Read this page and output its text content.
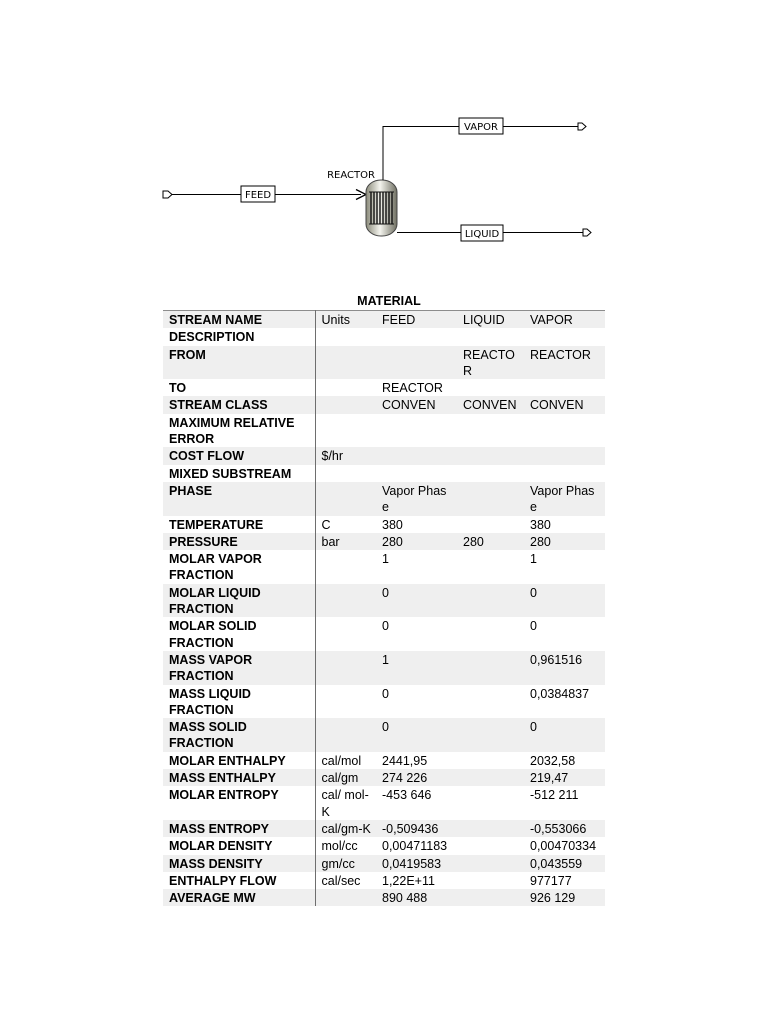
FEED
REACTOR
VAPOR
LIQUID
MATERIAL
STREAM NAME	Units	FEED	LIQUID	VAPOR
DESCRIPTION				
FROM			REACTOR	REACTOR
TO		REACTOR		
STREAM CLASS		CONVEN	CONVEN	CONVEN
MAXIMUM RELATIVE ERROR				
COST FLOW	$/hr			
MIXED SUBSTREAM				
PHASE		Vapor Phase		Vapor Phase
TEMPERATURE	C	380		380
PRESSURE	bar	280	280	280
MOLAR VAPOR FRACTION		1		1
MOLAR LIQUID FRACTION		0		0
MOLAR SOLID FRACTION		0		0
MASS VAPOR FRACTION		1		0,961516
MASS LIQUID FRACTION		0		0,0384837
MASS SOLID FRACTION		0		0
MOLAR ENTHALPY	cal/mol	2441,95		2032,58
MASS ENTHALPY	cal/gm	274 226		219,47
MOLAR ENTROPY	cal/ mol-K	-453 646		-512 211
MASS ENTROPY	cal/gm-K	-0,509436		-0,553066
MOLAR DENSITY	mol/cc	0,00471183		0,00470334
MASS DENSITY	gm/cc	0,0419583		0,043559
ENTHALPY FLOW	cal/sec	1,22E+11		977177
AVERAGE MW		890 488		926 129
